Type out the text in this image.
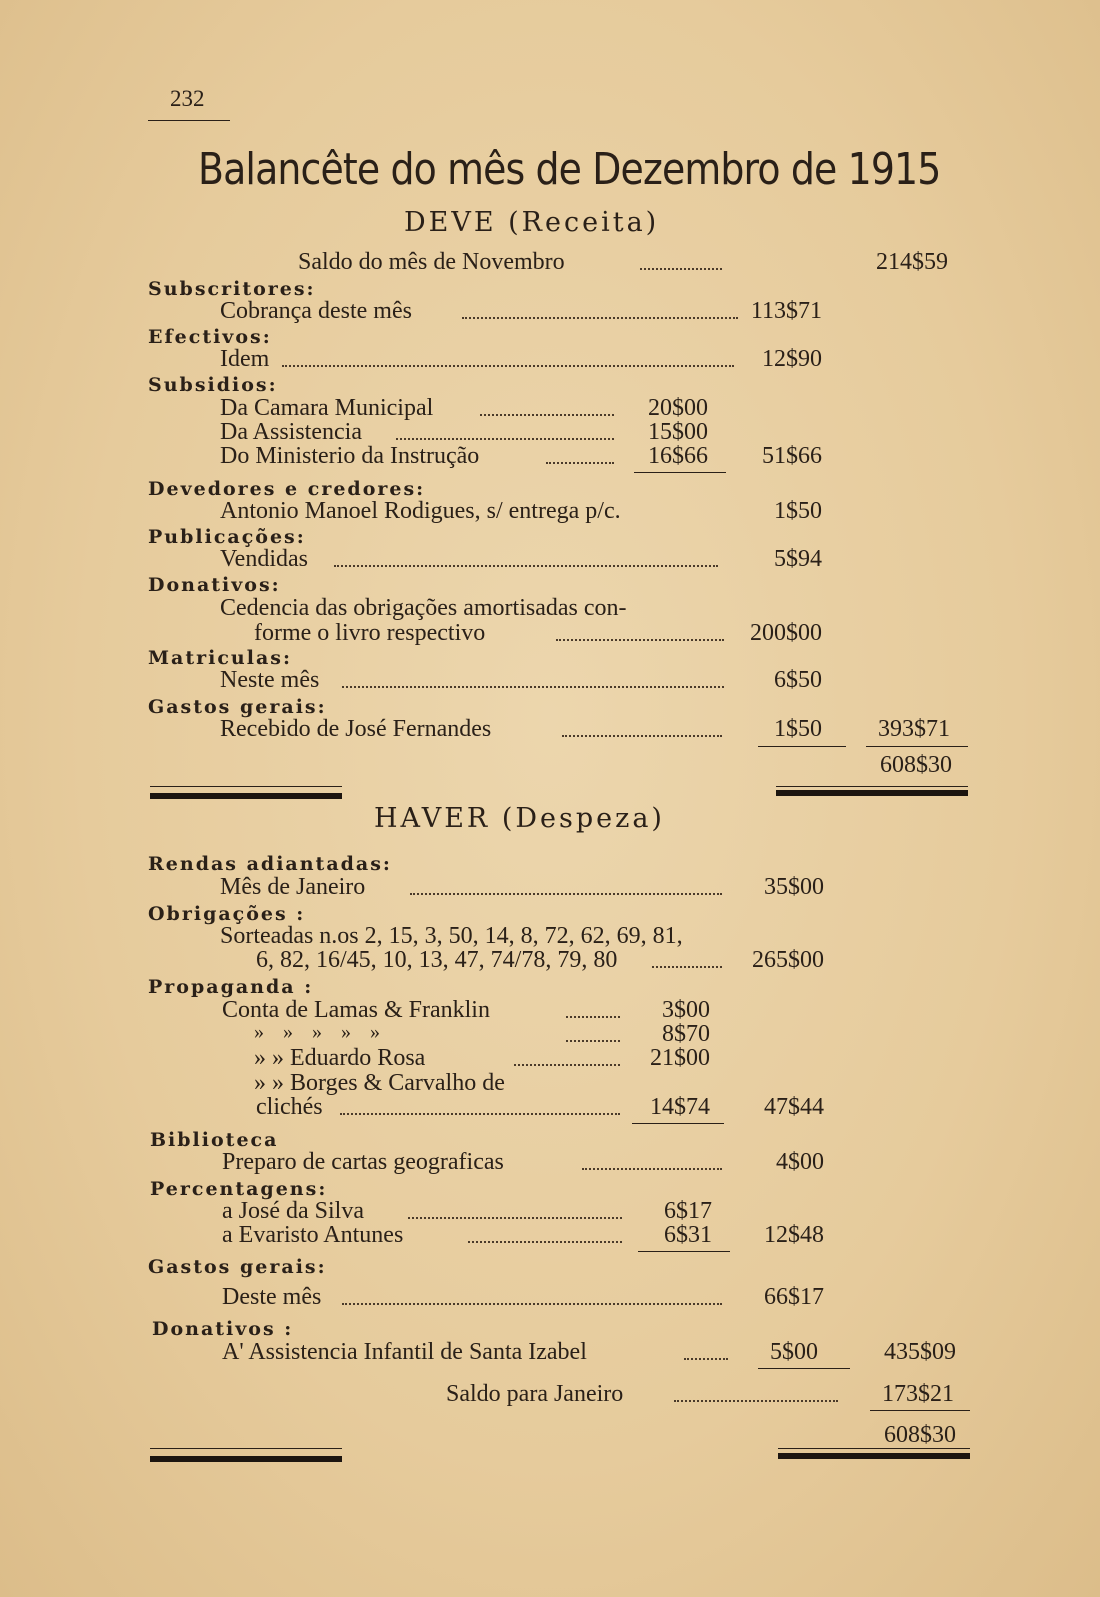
232
Balancête do mês de Dezembro de 1915
DEVE (Receita)
Saldo do mês de Novembro	214$59
Subscritores:
Cobrança deste mês	113$71
Efectivos:
Idem	12$90
Subsidios:
Da Camara Municipal	20$00
Da Assistencia	15$00
Do Ministerio da Instrução	16$66	51$66
Devedores e credores:
Antonio Manoel Rodigues, s/ entrega p/c.	1$50
Publicações:
Vendidas	5$94
Donativos:
Cedencia das obrigações amortisadas con-
forme o livro respectivo	200$00
Matriculas:
Neste mês	6$50
Gastos gerais:
Recebido de José Fernandes	1$50	393$71
608$30
HAVER (Despeza)
Rendas adiantadas:
Mês de Janeiro	35$00
Obrigações :
Sorteadas n.os 2, 15, 3, 50, 14, 8, 72, 62, 69, 81,
6, 82, 16/45, 10, 13, 47, 74/78, 79, 80	265$00
Propaganda :
Conta de Lamas & Franklin	3$00
» » » » »	8$70
» » Eduardo Rosa	21$00
» » Borges & Carvalho de
clichés	14$74	47$44
Biblioteca
Preparo de cartas geograficas	4$00
Percentagens:
a José da Silva	6$17
a Evaristo Antunes	6$31	12$48
Gastos gerais:
Deste mês	66$17
Donativos :
A' Assistencia Infantil de Santa Izabel	5$00	435$09
Saldo para Janeiro	173$21
608$30
